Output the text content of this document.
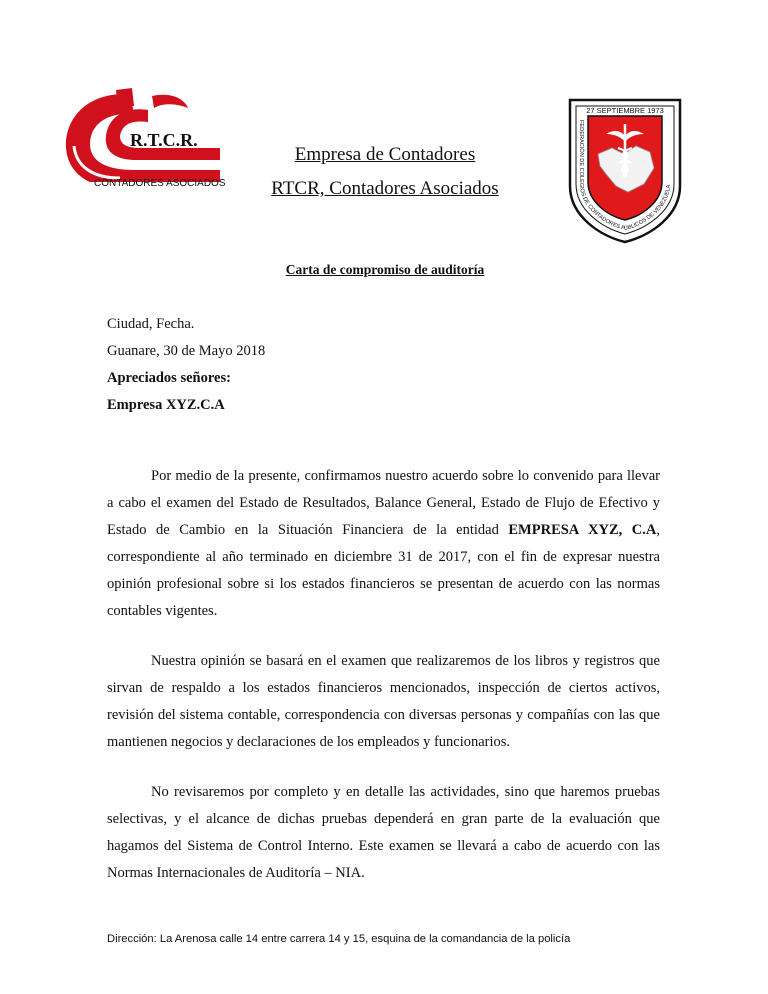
R.T.C.R.
CONTADORES ASOCIADOS
27 SEPTIEMBRE 1973
FEDERACIÓN DE COLEGIOS DE CONTADORES PÚBLICOS DE VENEZUELA
Empresa de Contadores
RTCR, Contadores Asociados
Carta de compromiso de auditoría
Ciudad, Fecha.
Guanare, 30 de Mayo 2018
Apreciados señores:
Empresa XYZ.C.A

Por medio de la presente, confirmamos nuestro acuerdo sobre lo convenido para llevar a cabo el examen del Estado de Resultados, Balance General, Estado de Flujo de Efectivo y Estado de Cambio en la Situación Financiera de la entidad EMPRESA XYZ, C.A, correspondiente al año terminado en diciembre 31 de 2017, con el fin de expresar nuestra opinión profesional sobre si los estados financieros se presentan de acuerdo con las normas contables vigentes.

Nuestra opinión se basará en el examen que realizaremos de los libros y registros que sirvan de respaldo a los estados financieros mencionados, inspección de ciertos activos, revisión del sistema contable, correspondencia con diversas personas y compañías con las que mantienen negocios y declaraciones de los empleados y funcionarios.

No revisaremos por completo y en detalle las actividades, sino que haremos pruebas selectivas, y el alcance de dichas pruebas dependerá en gran parte de la evaluación que hagamos del Sistema de Control Interno. Este examen se llevará a cabo de acuerdo con las Normas Internacionales de Auditoría – NIA.

Dirección: La Arenosa calle 14 entre carrera 14 y 15, esquina de la comandancia de la policía
